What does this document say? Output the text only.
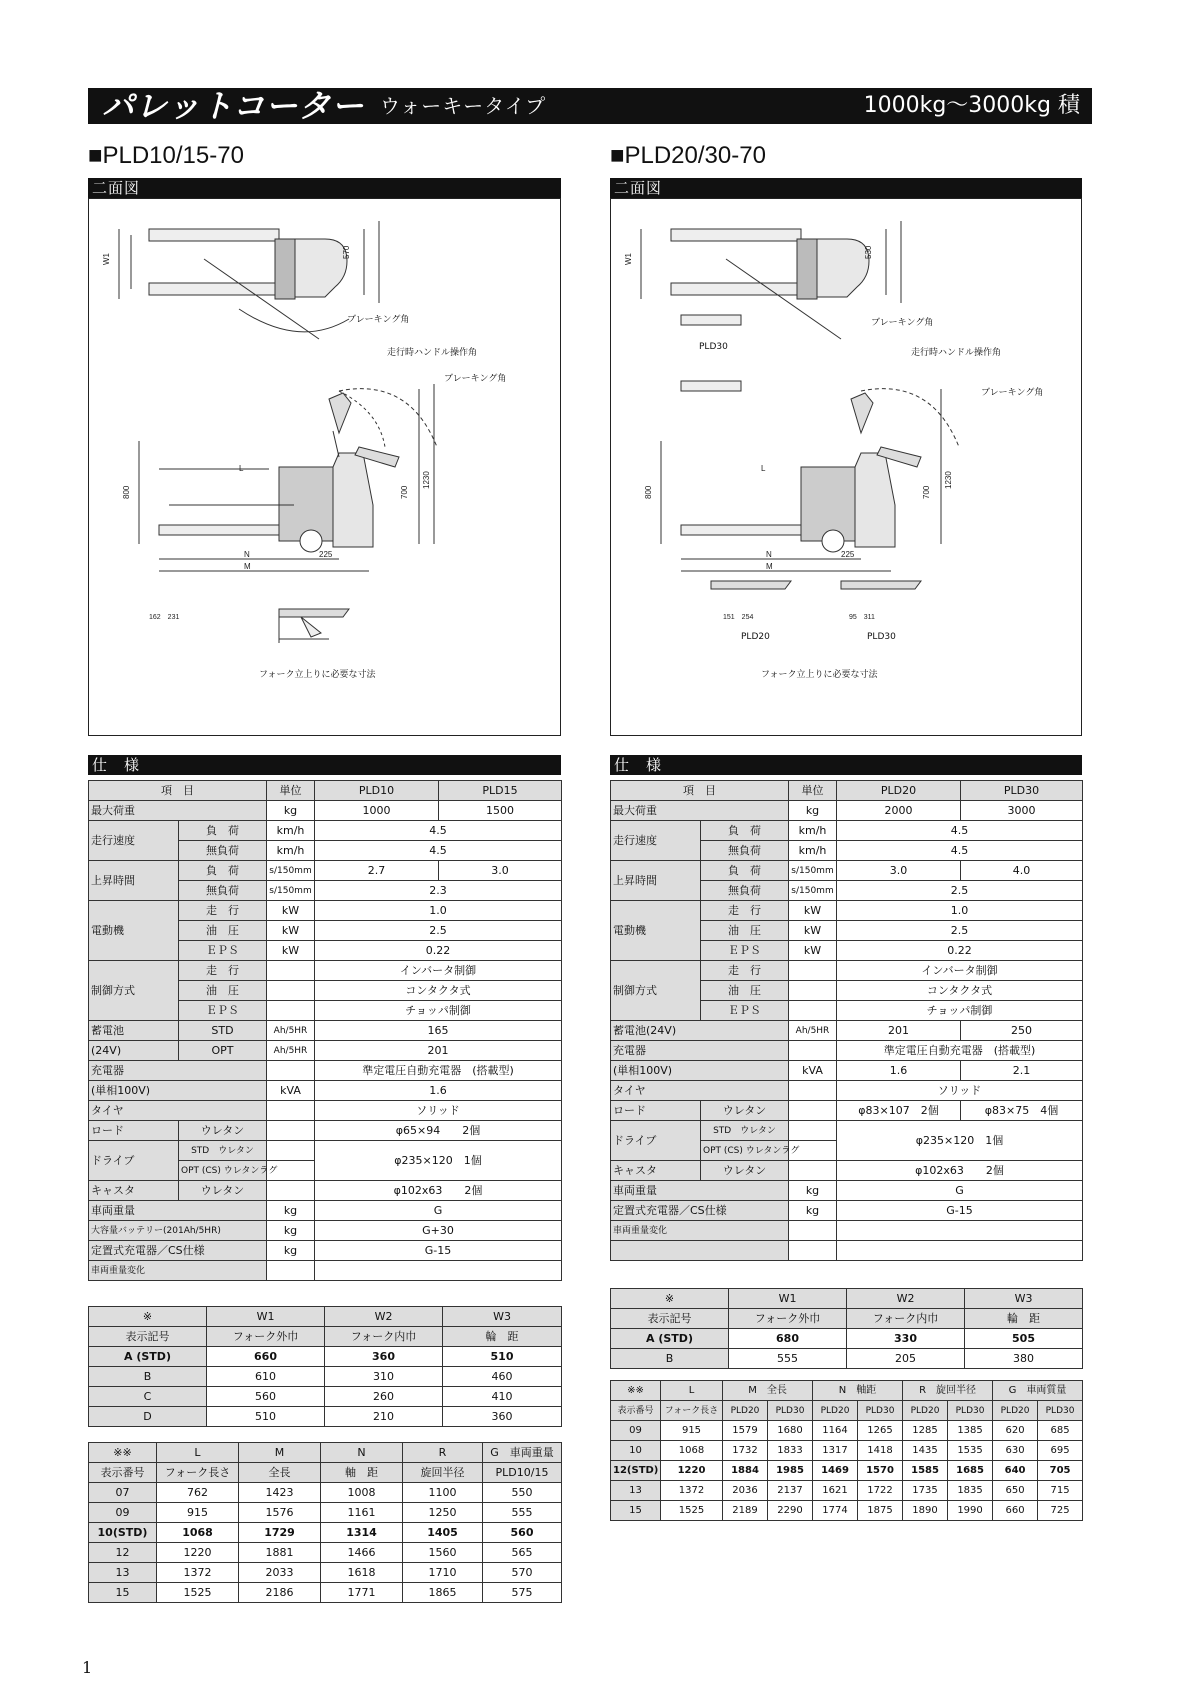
パレットコーター ウォーキータイプ	1000kg～3000kg 積
■PLD10/15-70	■PLD20/30-70
二面図
W1	570
162　231
L
N
M
225
800
1230
700
ブレーキング角
走行時ハンドル操作角
ブレーキング角
フォーク立上りに必要な寸法
二面図
W1	530
L
N
M
225
800
1230
700
151　254	95　311
PLD30
ブレーキング角
走行時ハンドル操作角
ブレーキング角
PLD20	PLD30
フォーク立上りに必要な寸法
仕　様	仕　様
項　目		単位	PLD10	PLD15
最大荷重		kg	1000	1500
走行速度	負　荷	km/h	4.5	
	無負荷	km/h	4.5	
上昇時間	負　荷	s/150mm	2.7	3.0
	無負荷	s/150mm	2.3	
電動機	走　行	kW	1.0	
	油　圧	kW	2.5	
	ＥＰＳ	kW	0.22	
制御方式	走　行		インバータ制御	
	油　圧		コンタクタ式	
	ＥＰＳ		チョッパ制御	
蓄電池	STD	Ah/5HR	165	
(24V)	OPT	Ah/5HR	201	
充電器			準定電圧自動充電器　(搭載型)	
(単相100V)		kVA	1.6	
タイヤ			ソリッド	
ロード	ウレタン		φ65×94　　2個	
ドライブ	STD　 ウレタン		φ235×120　1個	
	OPT (CS) ウレタンラグ			
キャスタ	ウレタン		φ102x63　　2個	
車両重量		kg	G	
大容量バッテリー(201Ah/5HR)		kg	G+30	
定置式充電器／CS仕様		kg	G-15	
車両重量変化				
※	W1	W2	W3
表示記号	フォーク外巾	フォーク内巾	輪　距
A (STD)	660	360	510
B	610	310	460
C	560	260	410
D	510	210	360
※※	L	M	N	R	G　車両重量
表示番号	フォーク長さ	全長	軸　距	旋回半径	PLD10/15
07	762	1423	1008	1100	550
09	915	1576	1161	1250	555
10(STD)	1068	1729	1314	1405	560
12	1220	1881	1466	1560	565
13	1372	2033	1618	1710	570
15	1525	2186	1771	1865	575
項　目		単位	PLD20	PLD30
最大荷重		kg	2000	3000
走行速度	負　荷	km/h	4.5	
	無負荷	km/h	4.5	
上昇時間	負　荷	s/150mm	3.0	4.0
	無負荷	s/150mm	2.5	
電動機	走　行	kW	1.0	
	油　圧	kW	2.5	
	ＥＰＳ	kW	0.22	
制御方式	走　行		インバータ制御	
	油　圧		コンタクタ式	
	ＥＰＳ		チョッパ制御	
蓄電池(24V)		Ah/5HR	201	250
充電器			準定電圧自動充電器　(搭載型)	
(単相100V)		kVA	1.6	2.1
タイヤ			ソリッド	
ロード	ウレタン		φ83×107　2個	φ83×75　4個
ドライブ	STD　 ウレタン		φ235×120　1個	
	OPT (CS) ウレタンラグ			
キャスタ	ウレタン		φ102x63　　2個	
車両重量		kg	G	
定置式充電器／CS仕様		kg	G-15	
車両重量変化				

※	W1	W2	W3
表示記号	フォーク外巾	フォーク内巾	輪　距
A (STD)	680	330	505
B	555	205	380
※※	L	M　全長		N　軸距		R　旋回半径		G　車両質量	
表示番号	フォーク長さ	PLD20	PLD30	PLD20	PLD30	PLD20	PLD30	PLD20	PLD30
09	915	1579	1680	1164	1265	1285	1385	620	685
10	1068	1732	1833	1317	1418	1435	1535	630	695
12(STD)	1220	1884	1985	1469	1570	1585	1685	640	705
13	1372	2036	2137	1621	1722	1735	1835	650	715
15	1525	2189	2290	1774	1875	1890	1990	660	725
1
